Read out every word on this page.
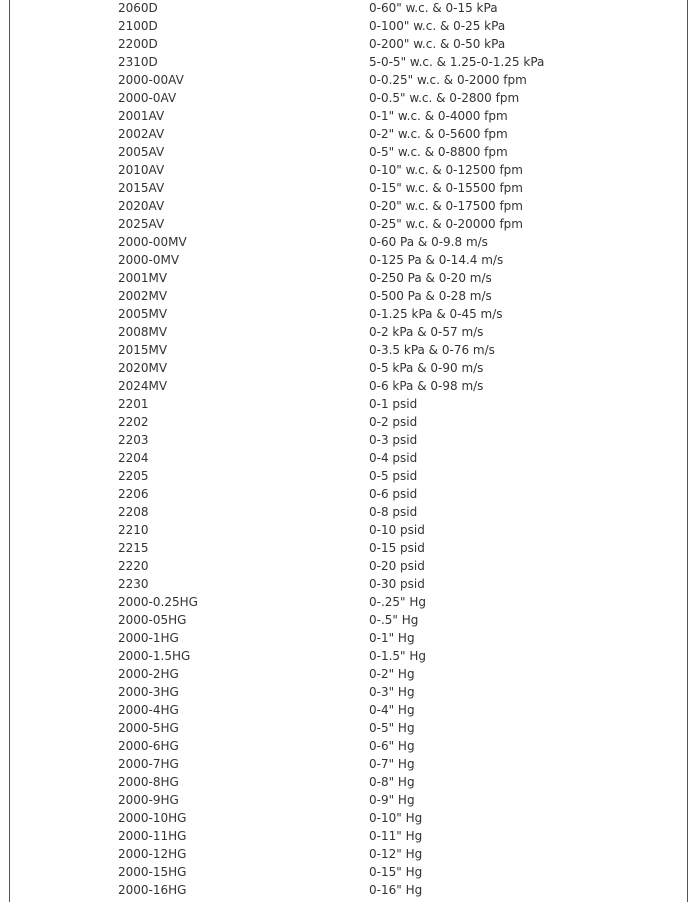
2060D	0-60" w.c. & 0-15 kPa
2100D	0-100" w.c. & 0-25 kPa
2200D	0-200" w.c. & 0-50 kPa
2310D	5-0-5" w.c. & 1.25-0-1.25 kPa
2000-00AV	0-0.25" w.c. & 0-2000 fpm
2000-0AV	0-0.5" w.c. & 0-2800 fpm
2001AV	0-1" w.c. & 0-4000 fpm
2002AV	0-2" w.c. & 0-5600 fpm
2005AV	0-5" w.c. & 0-8800 fpm
2010AV	0-10" w.c. & 0-12500 fpm
2015AV	0-15" w.c. & 0-15500 fpm
2020AV	0-20" w.c. & 0-17500 fpm
2025AV	0-25" w.c. & 0-20000 fpm
2000-00MV	0-60 Pa & 0-9.8 m/s
2000-0MV	0-125 Pa & 0-14.4 m/s
2001MV	0-250 Pa & 0-20 m/s
2002MV	0-500 Pa & 0-28 m/s
2005MV	0-1.25 kPa & 0-45 m/s
2008MV	0-2 kPa & 0-57 m/s
2015MV	0-3.5 kPa & 0-76 m/s
2020MV	0-5 kPa & 0-90 m/s
2024MV	0-6 kPa & 0-98 m/s
2201	0-1 psid
2202	0-2 psid
2203	0-3 psid
2204	0-4 psid
2205	0-5 psid
2206	0-6 psid
2208	0-8 psid
2210	0-10 psid
2215	0-15 psid
2220	0-20 psid
2230	0-30 psid
2000-0.25HG	0-.25" Hg
2000-05HG	0-.5" Hg
2000-1HG	0-1" Hg
2000-1.5HG	0-1.5" Hg
2000-2HG	0-2" Hg
2000-3HG	0-3" Hg
2000-4HG	0-4" Hg
2000-5HG	0-5" Hg
2000-6HG	0-6" Hg
2000-7HG	0-7" Hg
2000-8HG	0-8" Hg
2000-9HG	0-9" Hg
2000-10HG	0-10" Hg
2000-11HG	0-11" Hg
2000-12HG	0-12" Hg
2000-15HG	0-15" Hg
2000-16HG	0-16" Hg
